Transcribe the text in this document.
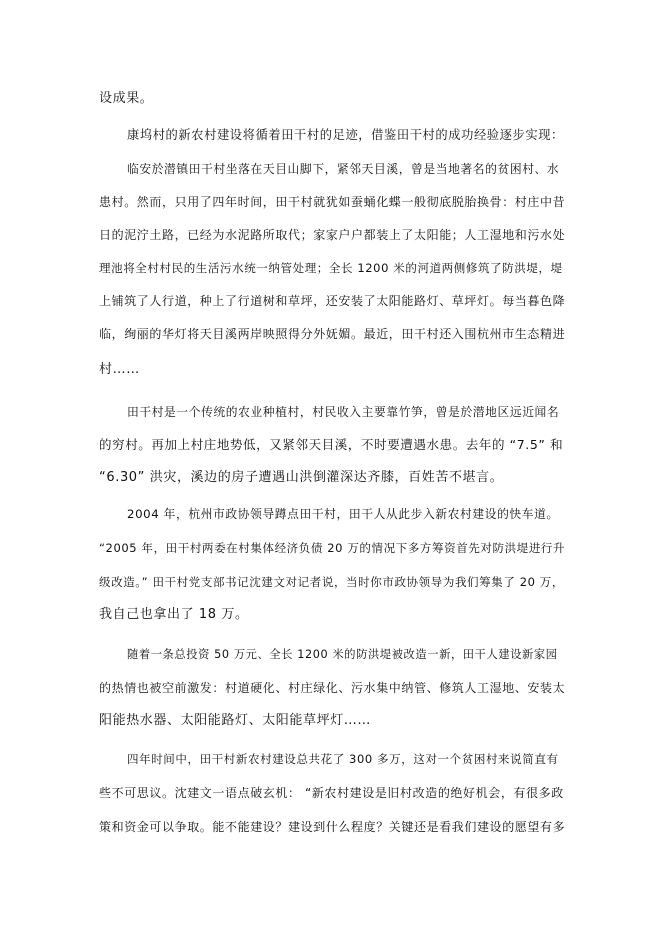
设成果。
康坞村的新农村建设将循着田干村的足迹，借鉴田干村的成功经验逐步实现：
临安於潜镇田干村坐落在天目山脚下，紧邻天目溪，曾是当地著名的贫困村、水
患村。然而，只用了四年时间，田干村就犹如蚕蛹化蝶一般彻底脱胎换骨：村庄中昔
日的泥泞土路，已经为水泥路所取代；家家户户都装上了太阳能；人工湿地和污水处
理池将全村村民的生活污水统一纳管处理；全长 1200 米的河道两侧修筑了防洪堤，堤
上铺筑了人行道，种上了行道树和草坪，还安装了太阳能路灯、草坪灯。每当暮色降
临，绚丽的华灯将天目溪两岸映照得分外妩媚。最近，田干村还入围杭州市生态精进
村……
田干村是一个传统的农业种植村，村民收入主要靠竹笋，曾是於潜地区远近闻名
的穷村。再加上村庄地势低，又紧邻天目溪，不时要遭遇水患。去年的 “7.5” 和
“6.30” 洪灾，溪边的房子遭遇山洪倒灌深达齐膝，百姓苦不堪言。
2004 年，杭州市政协领导蹲点田干村，田干人从此步入新农村建设的快车道。
“2005 年，田干村两委在村集体经济负债 20 万的情况下多方筹资首先对防洪堤进行升
级改造。” 田干村党支部书记沈建文对记者说，当时你市政协领导为我们筹集了 20 万，
我自己也拿出了 18 万。
随着一条总投资 50 万元、全长 1200 米的防洪堤被改造一新，田干人建设新家园
的热情也被空前激发：村道硬化、村庄绿化、污水集中纳管、修筑人工湿地、安装太
阳能热水器、太阳能路灯、太阳能草坪灯……
四年时间中，田干村新农村建设总共花了 300 多万，这对一个贫困村来说简直有
些不可思议。沈建文一语点破玄机： “新农村建设是旧村改造的绝好机会，有很多政
策和资金可以争取。能不能建设？建设到什么程度？关键还是看我们建设的愿望有多
